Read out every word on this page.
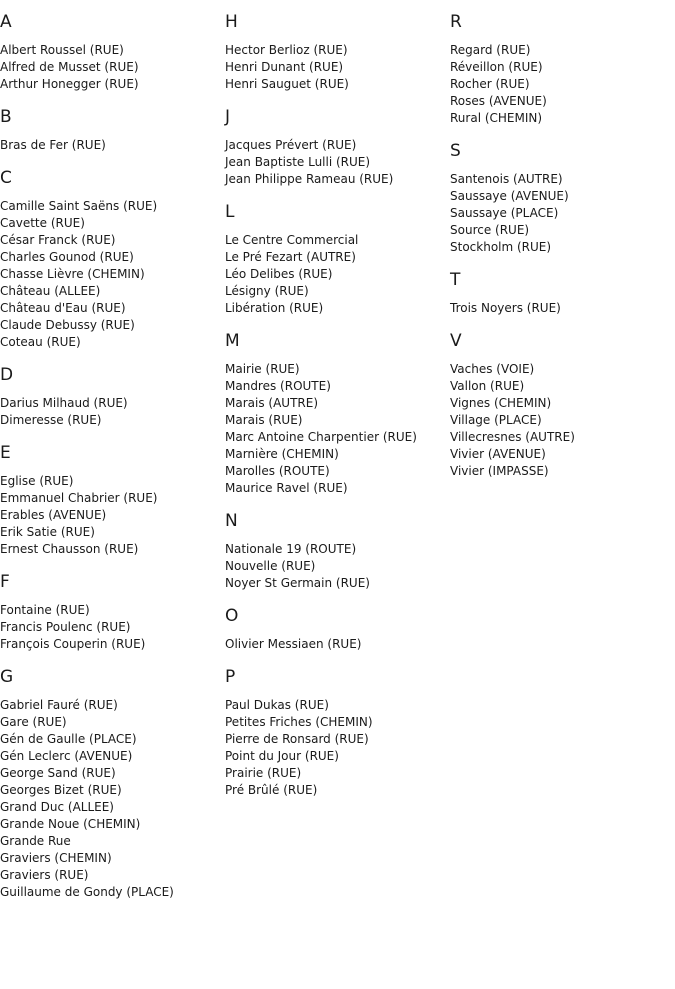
A
Albert Roussel (RUE)
Alfred de Musset (RUE)
Arthur Honegger (RUE)
B
Bras de Fer (RUE)
C
Camille Saint Saëns (RUE)
Cavette (RUE)
César Franck (RUE)
Charles Gounod (RUE)
Chasse Lièvre (CHEMIN)
Château (ALLEE)
Château d'Eau (RUE)
Claude Debussy (RUE)
Coteau (RUE)
D
Darius Milhaud (RUE)
Dimeresse (RUE)
E
Eglise (RUE)
Emmanuel Chabrier (RUE)
Erables (AVENUE)
Erik Satie (RUE)
Ernest Chausson (RUE)
F
Fontaine (RUE)
Francis Poulenc (RUE)
François Couperin (RUE)
G
Gabriel Fauré (RUE)
Gare (RUE)
Gén de Gaulle (PLACE)
Gén Leclerc (AVENUE)
George Sand (RUE)
Georges Bizet (RUE)
Grand Duc (ALLEE)
Grande Noue (CHEMIN)
Grande Rue
Graviers (CHEMIN)
Graviers (RUE)
Guillaume de Gondy (PLACE)
H
Hector Berlioz (RUE)
Henri Dunant (RUE)
Henri Sauguet (RUE)
J
Jacques Prévert (RUE)
Jean Baptiste Lulli (RUE)
Jean Philippe Rameau (RUE)
L
Le Centre Commercial
Le Pré Fezart (AUTRE)
Léo Delibes (RUE)
Lésigny (RUE)
Libération (RUE)
M
Mairie (RUE)
Mandres (ROUTE)
Marais (AUTRE)
Marais (RUE)
Marc Antoine Charpentier (RUE)
Marnière (CHEMIN)
Marolles (ROUTE)
Maurice Ravel (RUE)
N
Nationale 19 (ROUTE)
Nouvelle (RUE)
Noyer St Germain (RUE)
O
Olivier Messiaen (RUE)
P
Paul Dukas (RUE)
Petites Friches (CHEMIN)
Pierre de Ronsard (RUE)
Point du Jour (RUE)
Prairie (RUE)
Pré Brûlé (RUE)
R
Regard (RUE)
Réveillon (RUE)
Rocher (RUE)
Roses (AVENUE)
Rural (CHEMIN)
S
Santenois (AUTRE)
Saussaye (AVENUE)
Saussaye (PLACE)
Source (RUE)
Stockholm (RUE)
T
Trois Noyers (RUE)
V
Vaches (VOIE)
Vallon (RUE)
Vignes (CHEMIN)
Village (PLACE)
Villecresnes (AUTRE)
Vivier (AVENUE)
Vivier (IMPASSE)
